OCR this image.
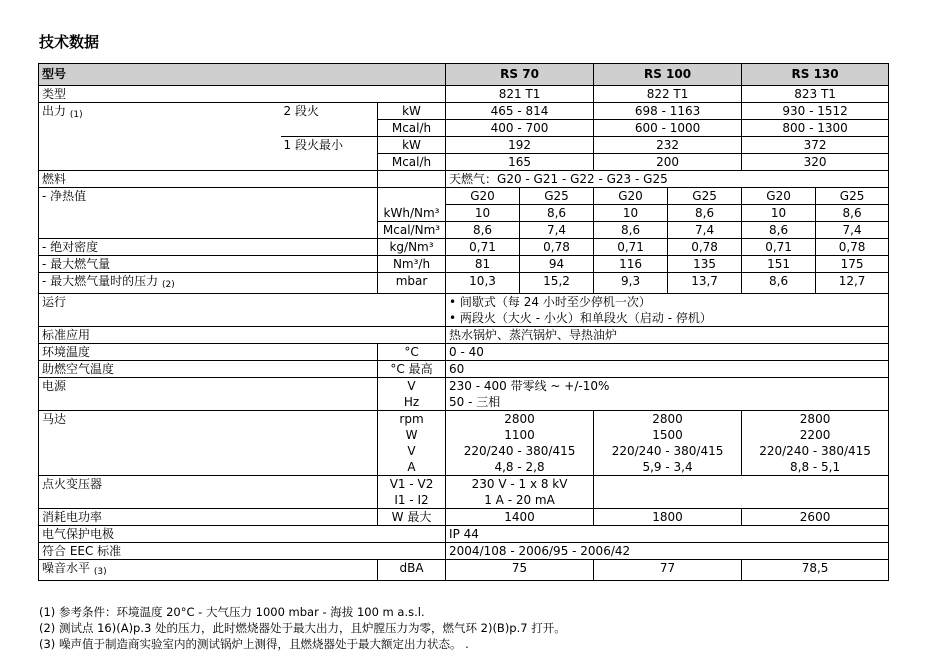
技术数据
型号			RS 70		RS 100		RS 130	
类型			821 T1		822 T1		823 T1	
出力 $_{(1)}$	2 段火	kW	465 - 814		698 - 1163		930 - 1512	
		Mcal/h	400 - 700		600 - 1000		800 - 1300	
	1 段火最小	kW	192		232		372	
		Mcal/h	165		200		320	
燃料			天燃气：G20 - G21 - G22 - G23 - G25					
- 净热值			G20	G25	G20	G25	G20	G25
		kWh/Nm³	10	8,6	10	8,6	10	8,6
		Mcal/Nm³	8,6	7,4	8,6	7,4	8,6	7,4
- 绝对密度		kg/Nm³	0,71	0,78	0,71	0,78	0,71	0,78
- 最大燃气量		Nm³/h	81	94	116	135	151	175
- 最大燃气量时的压力 $_{(2)}$		mbar	10,3	15,2	9,3	13,7	8,6	12,7
运行			• 间歇式（每 24 小时至少停机一次）					
			• 两段火（大火 - 小火）和单段火（启动 - 停机）					
标准应用			热水锅炉、蒸汽锅炉、导热油炉					
环境温度		°C	0 - 40					
助燃空气温度		°C 最高	60					
电源		V	230 - 400 带零线 ~ +/-10%					
		Hz	50 - 三相					
马达		rpm	2800		2800		2800	
		W	1100		1500		2200	
		V	220/240 - 380/415		220/240 - 380/415		220/240 - 380/415	
		A	4,8 - 2,8		5,9 - 3,4		8,8 - 5,1	
点火变压器		V1 - V2	230 V - 1 x 8 kV					
		I1 - I2	1 A - 20 mA					
消耗电功率		W 最大	1400		1800		2600	
电气保护电极			IP 44					
符合 EEC 标准			2004/108 - 2006/95 - 2006/42					
噪音水平 $_{(3)}$		dBA	75		77		78,5	
(1) 参考条件：环境温度 20°C - 大气压力 1000 mbar - 海拔 100 m a.s.l.
(2) 测试点 16)(A)p.3 处的压力，此时燃烧器处于最大出力，且炉膛压力为零，燃气环 2)(B)p.7 打开。
(3) 噪声值于制造商实验室内的测试锅炉上测得，且燃烧器处于最大额定出力状态。 .
